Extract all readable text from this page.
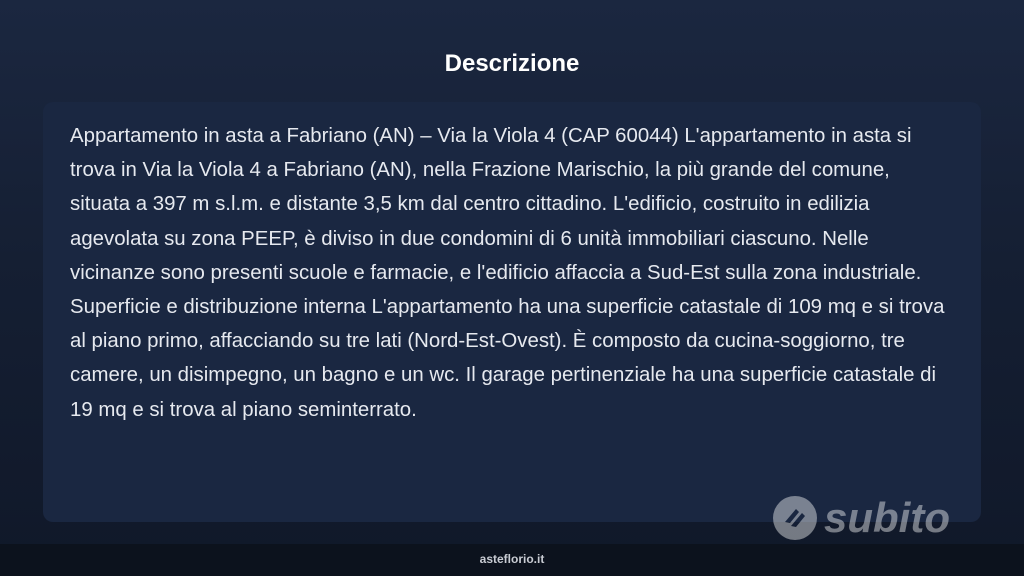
Descrizione

Appartamento in asta a Fabriano (AN) – Via la Viola 4 (CAP 60044) L'appartamento in asta si trova in Via la Viola 4 a Fabriano (AN), nella Frazione Marischio, la più grande del comune, situata a 397 m s.l.m. e distante 3,5 km dal centro cittadino. L'edificio, costruito in edilizia agevolata su zona PEEP, è diviso in due condomini di 6 unità immobiliari ciascuno. Nelle vicinanze sono presenti scuole e farmacie, e l'edificio affaccia a Sud-Est sulla zona industriale. Superficie e distribuzione interna L'appartamento ha una superficie catastale di 109 mq e si trova al piano primo, affacciando su tre lati (Nord-Est-Ovest). È composto da cucina-soggiorno, tre camere, un disimpegno, un bagno e un wc. Il garage pertinenziale ha una superficie catastale di 19 mq e si trova al piano seminterrato.

subito
asteflorio.it
